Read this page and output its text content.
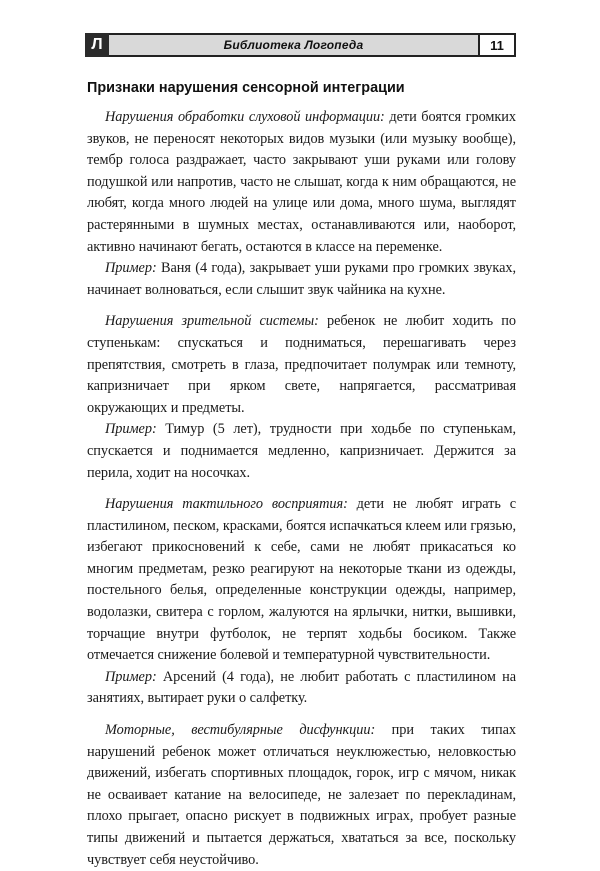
Л	Библиотека Логопеда	11
Признаки нарушения сенсорной интеграции

Нарушения обработки слуховой информации: дети боятся громких звуков, не переносят некоторых видов музыки (или музыку вообще), тембр голоса раздражает, часто закрывают уши руками или голову подушкой или напротив, часто не слышат, когда к ним обращаются, не любят, когда много людей на улице или дома, много шума, выглядят растерянными в шумных местах, останавливаются или, наоборот, активно начинают бегать, остаются в классе на переменке.

Пример: Ваня (4 года), закрывает уши руками про громких звуках, начинает волноваться, если слышит звук чайника на кухне.

Нарушения зрительной системы: ребенок не любит ходить по ступенькам: спускаться и подниматься, перешагивать через препятствия, смотреть в глаза, предпочитает полумрак или темноту, капризничает при ярком свете, напрягается, рассматривая окружающих и предметы.

Пример: Тимур (5 лет), трудности при ходьбе по ступенькам, спускается и поднимается медленно, капризничает. Держится за перила, ходит на носочках.

Нарушения тактильного восприятия: дети не любят играть с пластилином, песком, красками, боятся испачкаться клеем или грязью, избегают прикосновений к себе, сами не любят прикасаться ко многим предметам, резко реагируют на некоторые ткани из одежды, постельного белья, определенные конструкции одежды, например, водолазки, свитера с горлом, жалуются на ярлычки, нитки, вышивки, торчащие внутри футболок, не терпят ходьбы босиком. Также отмечается снижение болевой и температурной чувствительности.

Пример: Арсений (4 года), не любит работать с пластилином на занятиях, вытирает руки о салфетку.

Моторные, вестибулярные дисфункции: при таких типах нарушений ребенок может отличаться неуклюжестью, неловкостью движений, избегать спортивных площадок, горок, игр с мячом, никак не осваивает катание на велосипеде, не залезает по перекладинам, плохо прыгает, опасно рискует в подвижных играх, пробует разные типы движений и пытается держаться, хвататься за все, поскольку чувствует себя неустойчиво.
